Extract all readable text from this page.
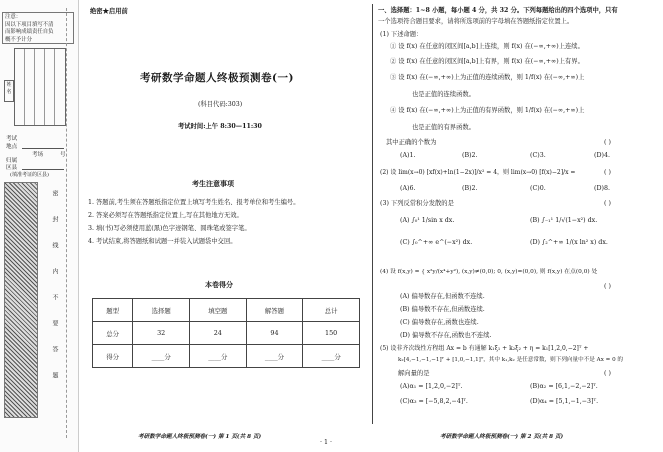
注意：
因以下项目填写不清
而影响成绩责任自负
概不予计分
姓名
考试
地点
考场	号
归属
区县
(填准考证的区县)
密封线内不要答题
绝密★启用前
考研数学命题人终极预测卷(一)
(科目代码:303)
考试时间:上午 8:30—11:30
考生注意事项
1. 答题前,考生须在答题纸指定位置上填写考生姓名、报考单位和考生编号。
2. 答案必须写在答题纸指定位置上,写在其他地方无效。
3. 填(书)写必须使用蓝(黑)色字迹钢笔、圆珠笔或签字笔。
4. 考试结束,将答题纸和试题一并装入试题袋中交回。
本卷得分
题型	选择题	填空题	解答题	总计
总分	32	24	94	150
得分	____分	____分	____分	____分
考研数学命题人终极预测卷(一) 第 1 页(共 8 页)
· 1 ·
一、选择题：1~8 小题，每小题 4 分，共 32 分。下列每题给出的四个选项中，只有
一个选项符合题目要求，请将所选项前的字母填在答题纸指定位置上。
(1) 下述命题：
① 设 f(x) 在任意的闭区间[a,b]上连续，则 f(x) 在(−∞,+∞)上连续。
② 设 f(x) 在任意的闭区间[a,b]上有界，则 f(x) 在(−∞,+∞)上有界。
③ 设 f(x) 在(−∞,+∞)上为正值的连续函数，则 1/f(x) 在(−∞,+∞)上
也是正值的连续函数。
④ 设 f(x) 在(−∞,+∞)上为正值的有界函数，则 1/f(x) 在(−∞,+∞)上
也是正值的有界函数。
其中正确的个数为	( )
(A)1.	(B)2.	(C)3.	(D)4.
(2) 设 lim(x→0) [xf(x)+ln(1−2x)]/x² = 4，则 lim(x→0) [f(x)−2]/x =	( )
(A)6.	(B)2.	(C)0.	(D)8.
(3) 下列反常积分发散的是	( )
(A) ∫₀¹ 1/sin x dx.	(B) ∫₋₁¹ 1/√(1−x²) dx.
(C) ∫₀^+∞ e^(−x²) dx.	(D) ∫₂^+∞ 1/(x ln² x) dx.
(4) 设 f(x,y) = { x²y/(x⁴+y²), (x,y)≠(0,0); 0, (x,y)=(0,0), 则 f(x,y) 在点(0,0) 处
( )
(A) 偏导数存在,但函数不连续.
(B) 偏导数不存在,但函数连续.
(C) 偏导数存在,函数也连续.
(D) 偏导数不存在,函数也不连续.
(5) 设非齐次线性方程组 Ax = b 有通解 k₁ξ₁ + k₂ξ₂ + η = k₁[1,2,0,−2]ᵀ +
k₂[4,−1,−1,−1]ᵀ + [1,0,−1,1]ᵀ，其中 k₁,k₂ 是任意常数，则下列向量中不是 Ax = 0 的
解向量的是	( )
(A)α₁ = [1,2,0,−2]ᵀ.	(B)α₂ = [6,1,−2,−2]ᵀ.
(C)α₃ = [−5,8,2,−4]ᵀ.	(D)α₄ = [5,1,−1,−3]ᵀ.
考研数学命题人终极预测卷(一) 第 2 页(共 8 页)
